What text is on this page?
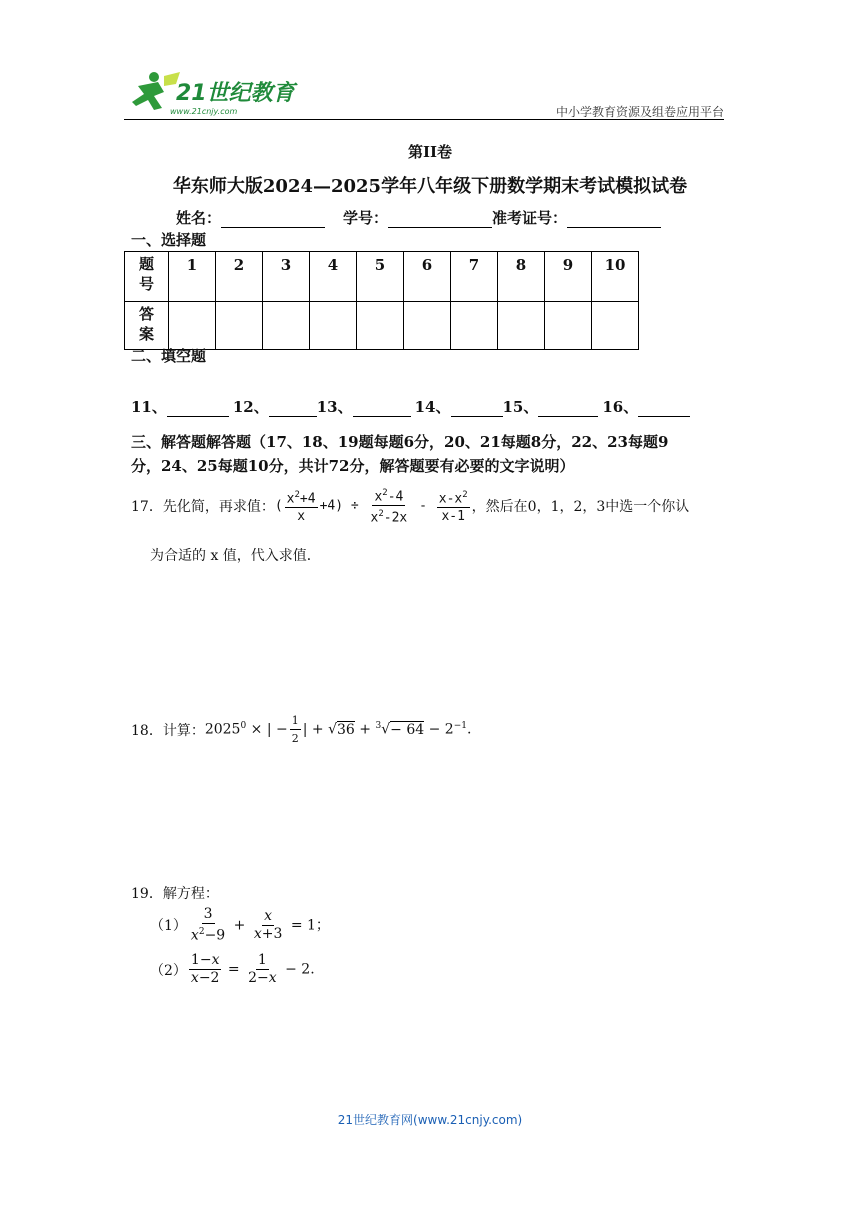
21世纪教育
www.21cnjy.com	中小学教育资源及组卷应用平台
第II卷
华东师大版2024—2025学年八年级下册数学期末考试模拟试卷
姓名：	学号：	准考证号：
一、选择题
题
号	1	2	3	4	5	6	7	8	9	10

答
案										

二、填空题
11、	12、	13、	14、	15、	16、
三、解答题解答题（17、18、19题每题6分，20、21每题8分，22、23每题9
分，24、25每题10分，共计72分，解答题要有必要的文字说明）
17．先化简，再求值： ( $\frac{x^2+4}{x} +4) \div \frac{x^2-4}{x^2-2x} - \frac{x-x^2}{x-1}$ ，然后在0，1，2，3中选一个你认
为合适的 x 值，代入求值．
18．计算： $2025^0$ × | − $\frac{1}{2}$ | + $√36 + ^3√- 64 - 2^{-1}$.
19．解方程：
$(1) \frac{3}{x^2-9} + \frac{x}{x+3} = 1$；
$(2) \frac{1-x}{x-2} = \frac{1}{2-x} - 2$.
21世纪教育网(www.21cnjy.com)
